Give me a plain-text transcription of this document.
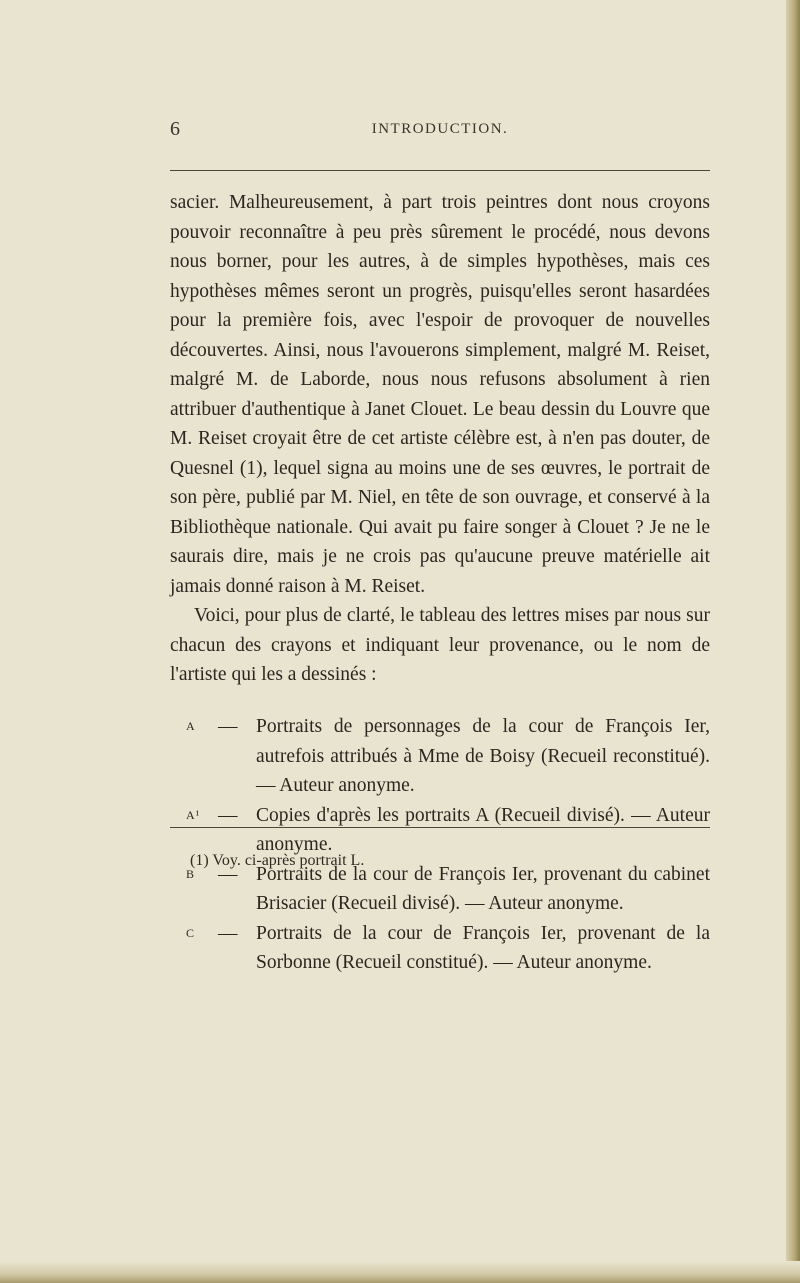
6	INTRODUCTION.

sacier. Malheureusement, à part trois peintres dont nous croyons pouvoir reconnaître à peu près sûrement le procédé, nous devons nous borner, pour les autres, à de simples hypothèses, mais ces hypothèses mêmes seront un progrès, puisqu'elles seront hasardées pour la première fois, avec l'espoir de provoquer de nouvelles découvertes. Ainsi, nous l'avouerons simplement, malgré M. Reiset, malgré M. de Laborde, nous nous refusons absolument à rien attribuer d'authentique à Janet Clouet. Le beau dessin du Louvre que M. Reiset croyait être de cet artiste célèbre est, à n'en pas douter, de Quesnel (1), lequel signa au moins une de ses œuvres, le portrait de son père, publié par M. Niel, en tête de son ouvrage, et conservé à la Bibliothèque nationale. Qui avait pu faire songer à Clouet ? Je ne le saurais dire, mais je ne crois pas qu'aucune preuve matérielle ait jamais donné raison à M. Reiset.

Voici, pour plus de clarté, le tableau des lettres mises par nous sur chacun des crayons et indiquant leur provenance, ou le nom de l'artiste qui les a dessinés :

A — Portraits de personnages de la cour de François Ier, autrefois attribués à Mme de Boisy (Recueil reconstitué). — Auteur anonyme.
A¹ — Copies d'après les portraits A (Recueil divisé). — Auteur anonyme.
B — Portraits de la cour de François Ier, provenant du cabinet Brisacier (Recueil divisé). — Auteur anonyme.
C — Portraits de la cour de François Ier, provenant de la Sorbonne (Recueil constitué). — Auteur anonyme.
(1) Voy. ci-après portrait L.
